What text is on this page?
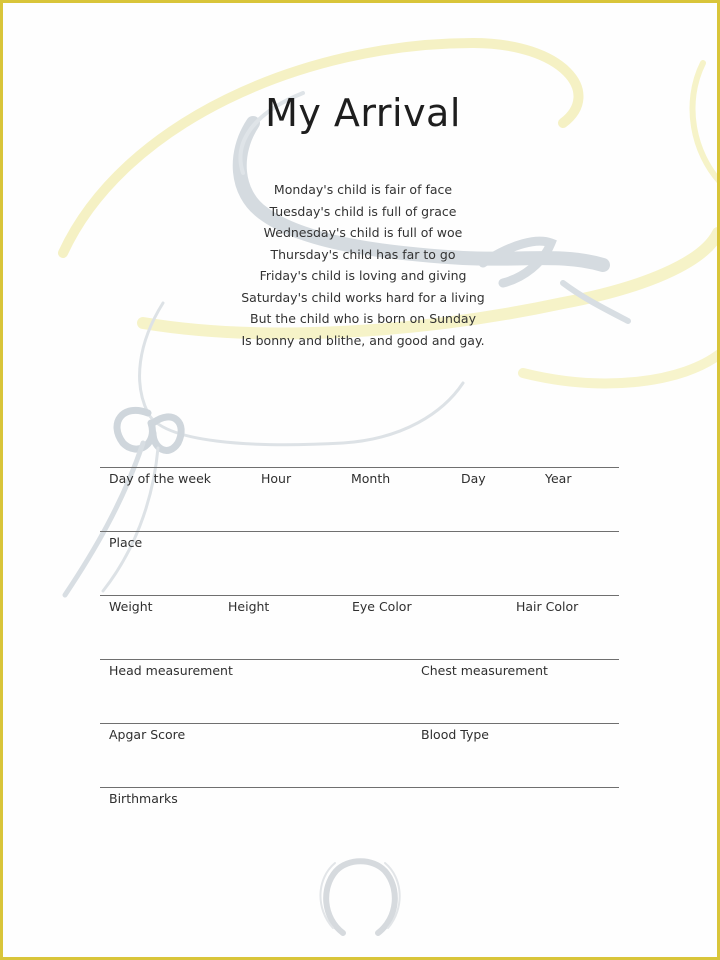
My Arrival
Monday's child is fair of face
Tuesday's child is full of grace
Wednesday's child is full of woe
Thursday's child has far to go
Friday's child is loving and giving
Saturday's child works hard for a living
But the child who is born on Sunday
Is bonny and blithe, and good and gay.
Day of the week	Hour	Month	Day	Year
Place
Weight	Height	Eye Color	Hair Color
Head measurement	Chest measurement
Apgar Score	Blood Type
Birthmarks
